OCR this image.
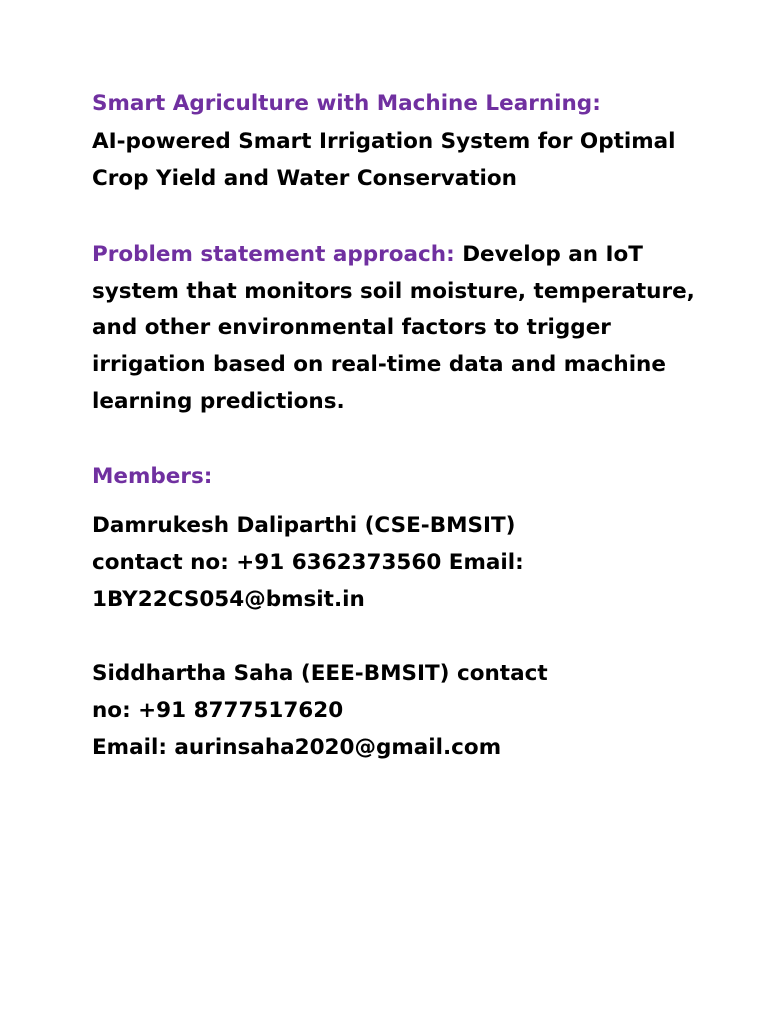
Smart Agriculture with Machine Learning:
AI-powered Smart Irrigation System for Optimal
Crop Yield and Water Conservation
Problem statement approach: Develop an IoT
system that monitors soil moisture, temperature,
and other environmental factors to trigger
irrigation based on real-time data and machine
learning predictions.
Members:
Damrukesh Daliparthi (CSE-BMSIT)
contact no: +91 6362373560 Email:
1BY22CS054@bmsit.in
Siddhartha Saha (EEE-BMSIT) contact
no: +91 8777517620
Email: aurinsaha2020@gmail.com
